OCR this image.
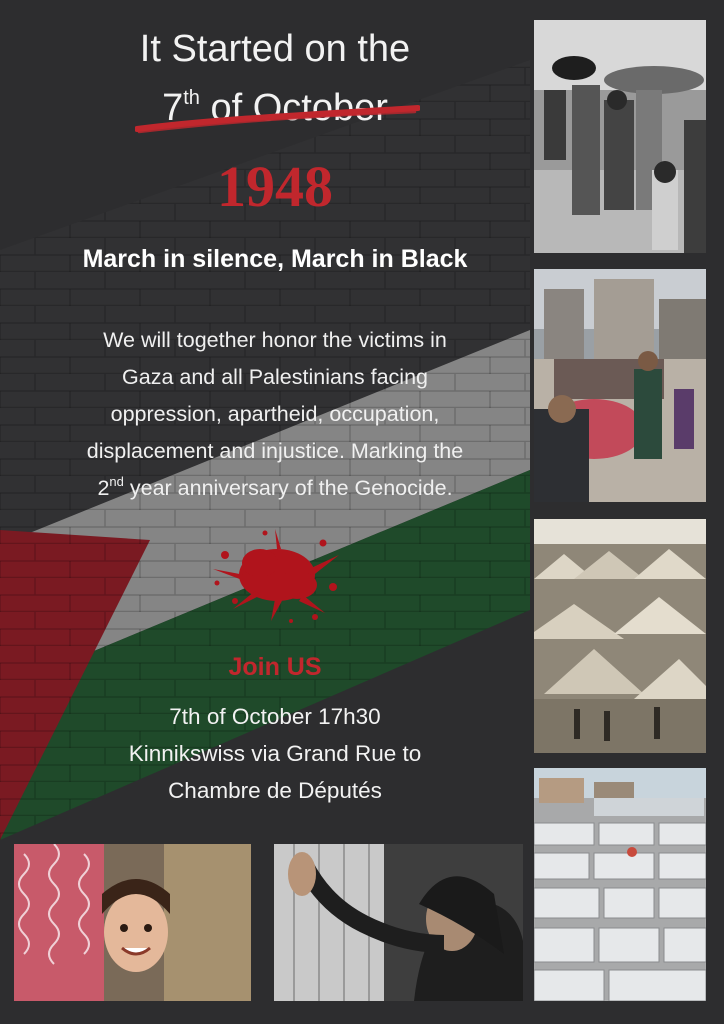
It Started on the
7th of October
1948
March in silence, March in Black
We will together honor the victims in
Gaza and all Palestinians facing
oppression, apartheid, occupation,
displacement and injustice. Marking the
2nd year anniversary of the Genocide.
Join US
7th of October 17h30
Kinnikswiss via Grand Rue to
Chambre de Députés
